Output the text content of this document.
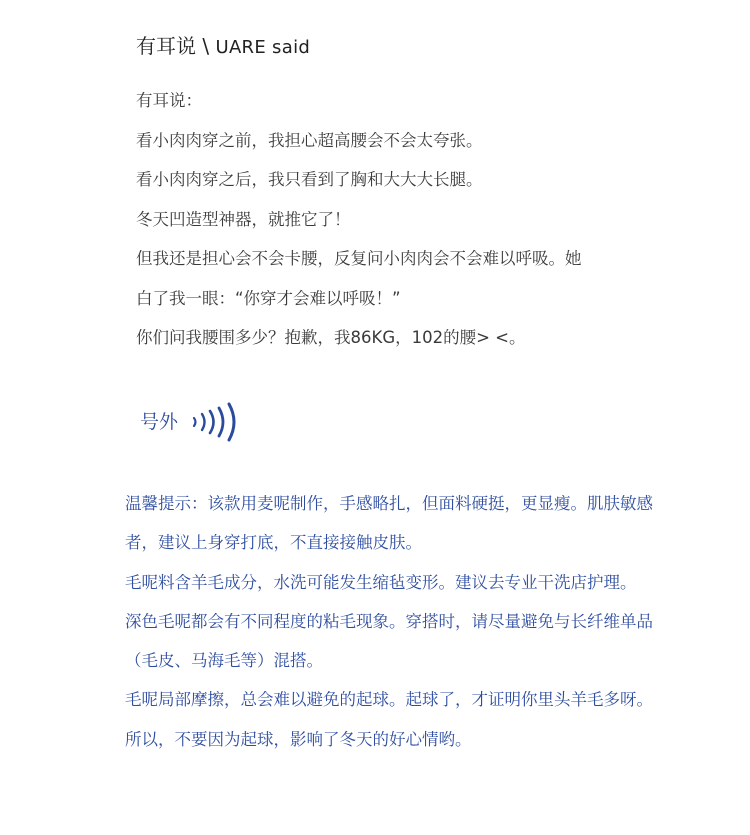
有耳说 \ UARE said
有耳说：
看小肉肉穿之前，我担心超高腰会不会太夸张。
看小肉肉穿之后，我只看到了胸和大大大长腿。
冬天凹造型神器，就推它了！
但我还是担心会不会卡腰，反复问小肉肉会不会难以呼吸。她
白了我一眼：“你穿才会难以呼吸！”
你们问我腰围多少？抱歉，我86KG，102的腰> <。
号外

温馨提示：该款用麦呢制作，手感略扎，但面料硬挺，更显瘦。肌肤敏感者，建议上身穿打底，不直接接触皮肤。

毛呢料含羊毛成分，水洗可能发生缩毡变形。建议去专业干洗店护理。

深色毛呢都会有不同程度的粘毛现象。穿搭时，请尽量避免与长纤维单品（毛皮、马海毛等）混搭。

毛呢局部摩擦，总会难以避免的起球。起球了，才证明你里头羊毛多呀。所以，不要因为起球，影响了冬天的好心情哟。
